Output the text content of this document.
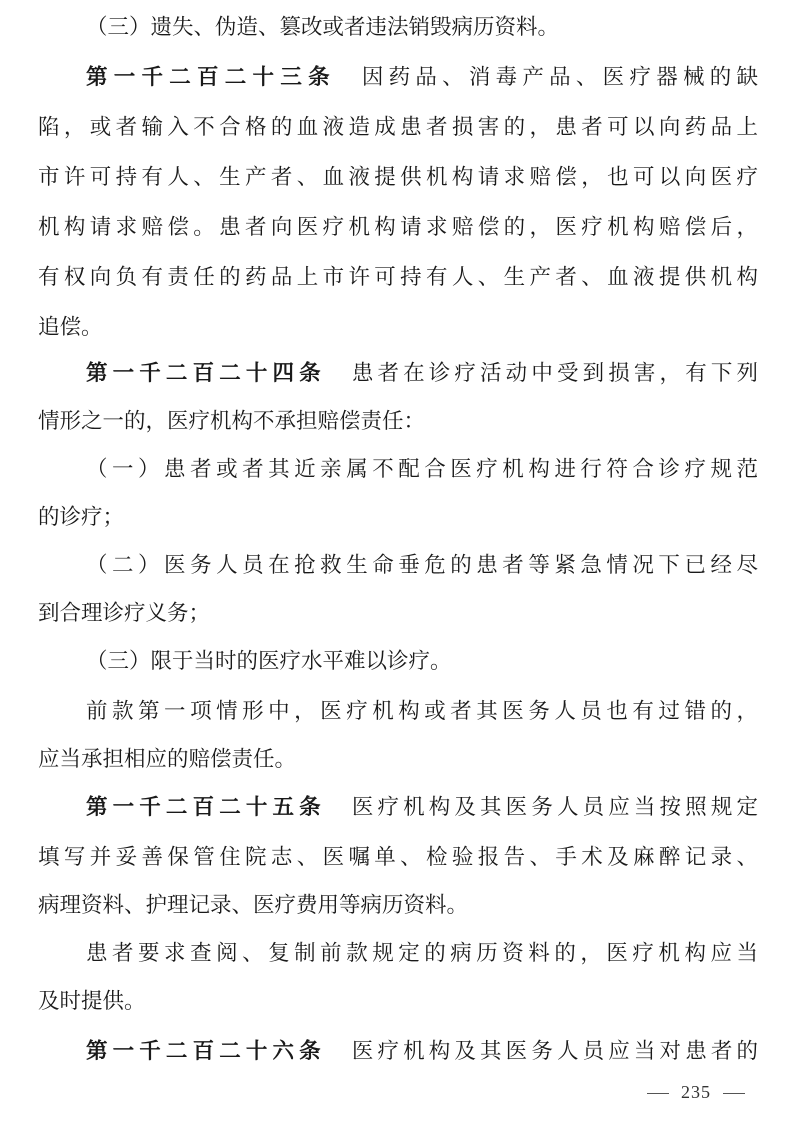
（三）遗失、伪造、篡改或者违法销毁病历资料。
第一千二百二十三条 因药品、消毒产品、医疗器械的缺
陷，或者输入不合格的血液造成患者损害的，患者可以向药品上
市许可持有人、生产者、血液提供机构请求赔偿，也可以向医疗
机构请求赔偿。患者向医疗机构请求赔偿的，医疗机构赔偿后，
有权向负有责任的药品上市许可持有人、生产者、血液提供机构
追偿。
第一千二百二十四条 患者在诊疗活动中受到损害，有下列
情形之一的，医疗机构不承担赔偿责任：
（一）患者或者其近亲属不配合医疗机构进行符合诊疗规范
的诊疗；
（二）医务人员在抢救生命垂危的患者等紧急情况下已经尽
到合理诊疗义务；
（三）限于当时的医疗水平难以诊疗。
前款第一项情形中，医疗机构或者其医务人员也有过错的，
应当承担相应的赔偿责任。
第一千二百二十五条 医疗机构及其医务人员应当按照规定
填写并妥善保管住院志、医嘱单、检验报告、手术及麻醉记录、
病理资料、护理记录、医疗费用等病历资料。
患者要求查阅、复制前款规定的病历资料的，医疗机构应当
及时提供。
第一千二百二十六条 医疗机构及其医务人员应当对患者的
235
